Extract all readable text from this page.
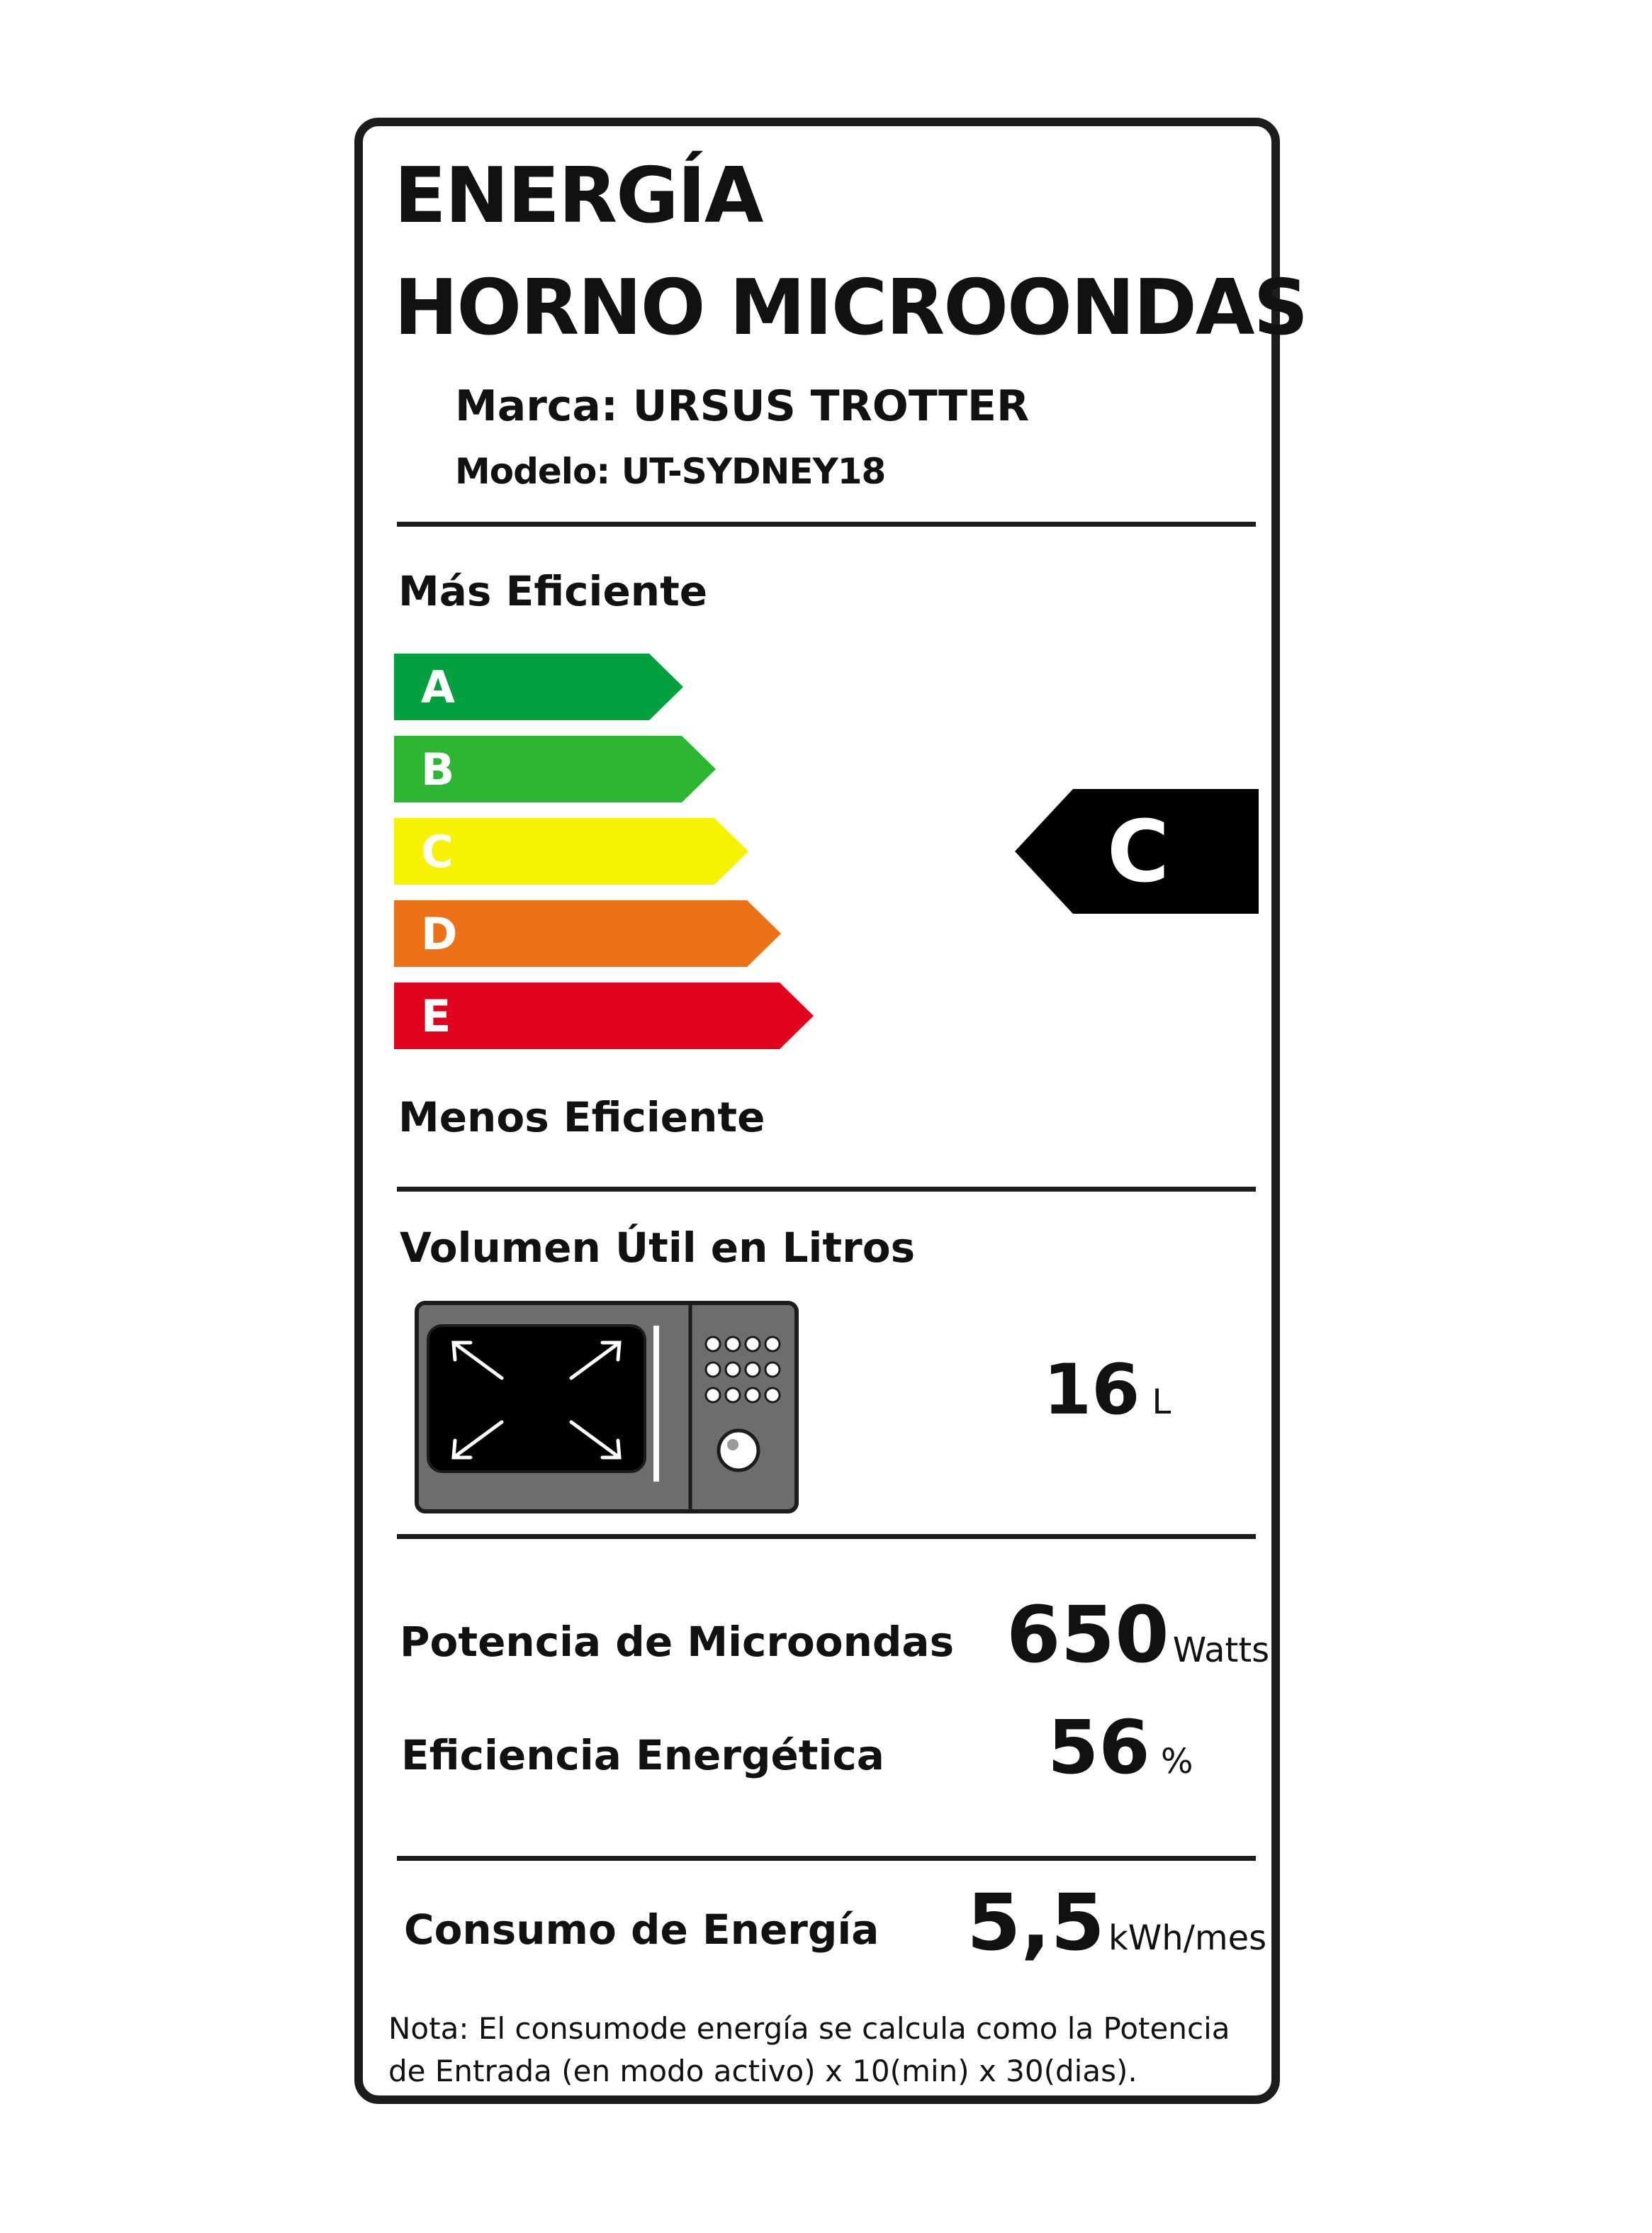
ENERGÍA
HORNO MICROONDAS
Marca: URSUS TROTTER
Modelo: UT-SYDNEY18
Más Eficiente
A
B
C
D
E
C
Menos Eficiente
Volumen Útil en Litros
16 L
Potencia de Microondas 650 Watts
Eficiencia Energética 56 %
Consumo de Energía 5,5 kWh/mes
Nota: El consumode energía se calcula como la Potencia de Entrada (en modo activo) x 10(min) x 30(dias).
